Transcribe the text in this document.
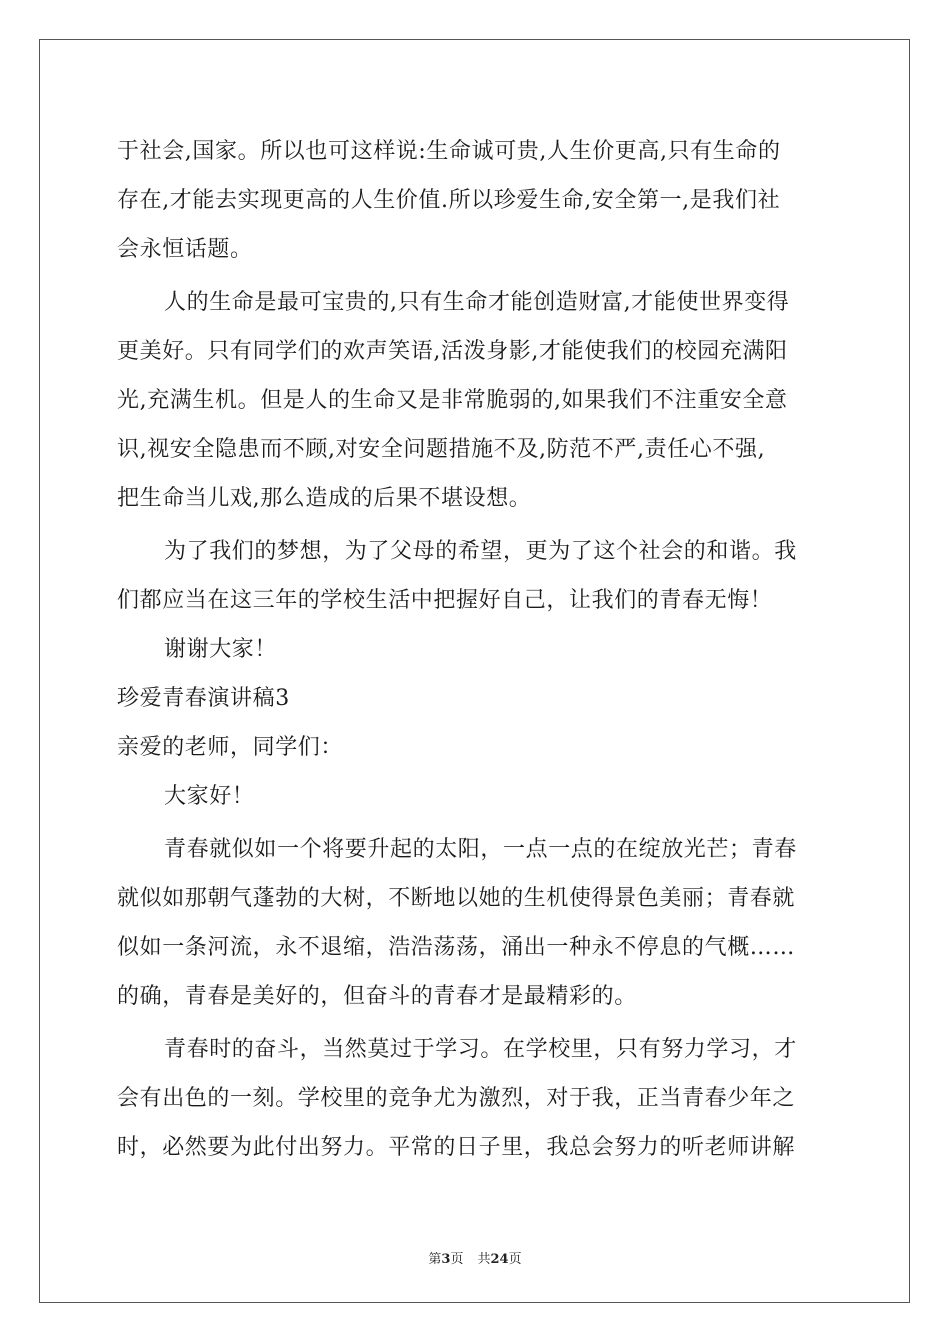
于社会,国家。所以也可这样说:生命诚可贵,人生价更高,只有生命的
存在,才能去实现更高的人生价值.所以珍爱生命,安全第一,是我们社
会永恒话题。
人的生命是最可宝贵的,只有生命才能创造财富,才能使世界变得
更美好。只有同学们的欢声笑语,活泼身影,才能使我们的校园充满阳
光,充满生机。但是人的生命又是非常脆弱的,如果我们不注重安全意
识,视安全隐患而不顾,对安全问题措施不及,防范不严,责任心不强,
把生命当儿戏,那么造成的后果不堪设想。
为了我们的梦想，为了父母的希望，更为了这个社会的和谐。我
们都应当在这三年的学校生活中把握好自己，让我们的青春无悔！
谢谢大家！
珍爱青春演讲稿3
亲爱的老师，同学们：
大家好！
青春就似如一个将要升起的太阳，一点一点的在绽放光芒；青春
就似如那朝气蓬勃的大树，不断地以她的生机使得景色美丽；青春就
似如一条河流，永不退缩，浩浩荡荡，涌出一种永不停息的气概……
的确，青春是美好的，但奋斗的青春才是最精彩的。
青春时的奋斗，当然莫过于学习。在学校里，只有努力学习，才
会有出色的一刻。学校里的竞争尤为激烈，对于我，正当青春少年之
时，必然要为此付出努力。平常的日子里，我总会努力的听老师讲解
第3页 共24页
